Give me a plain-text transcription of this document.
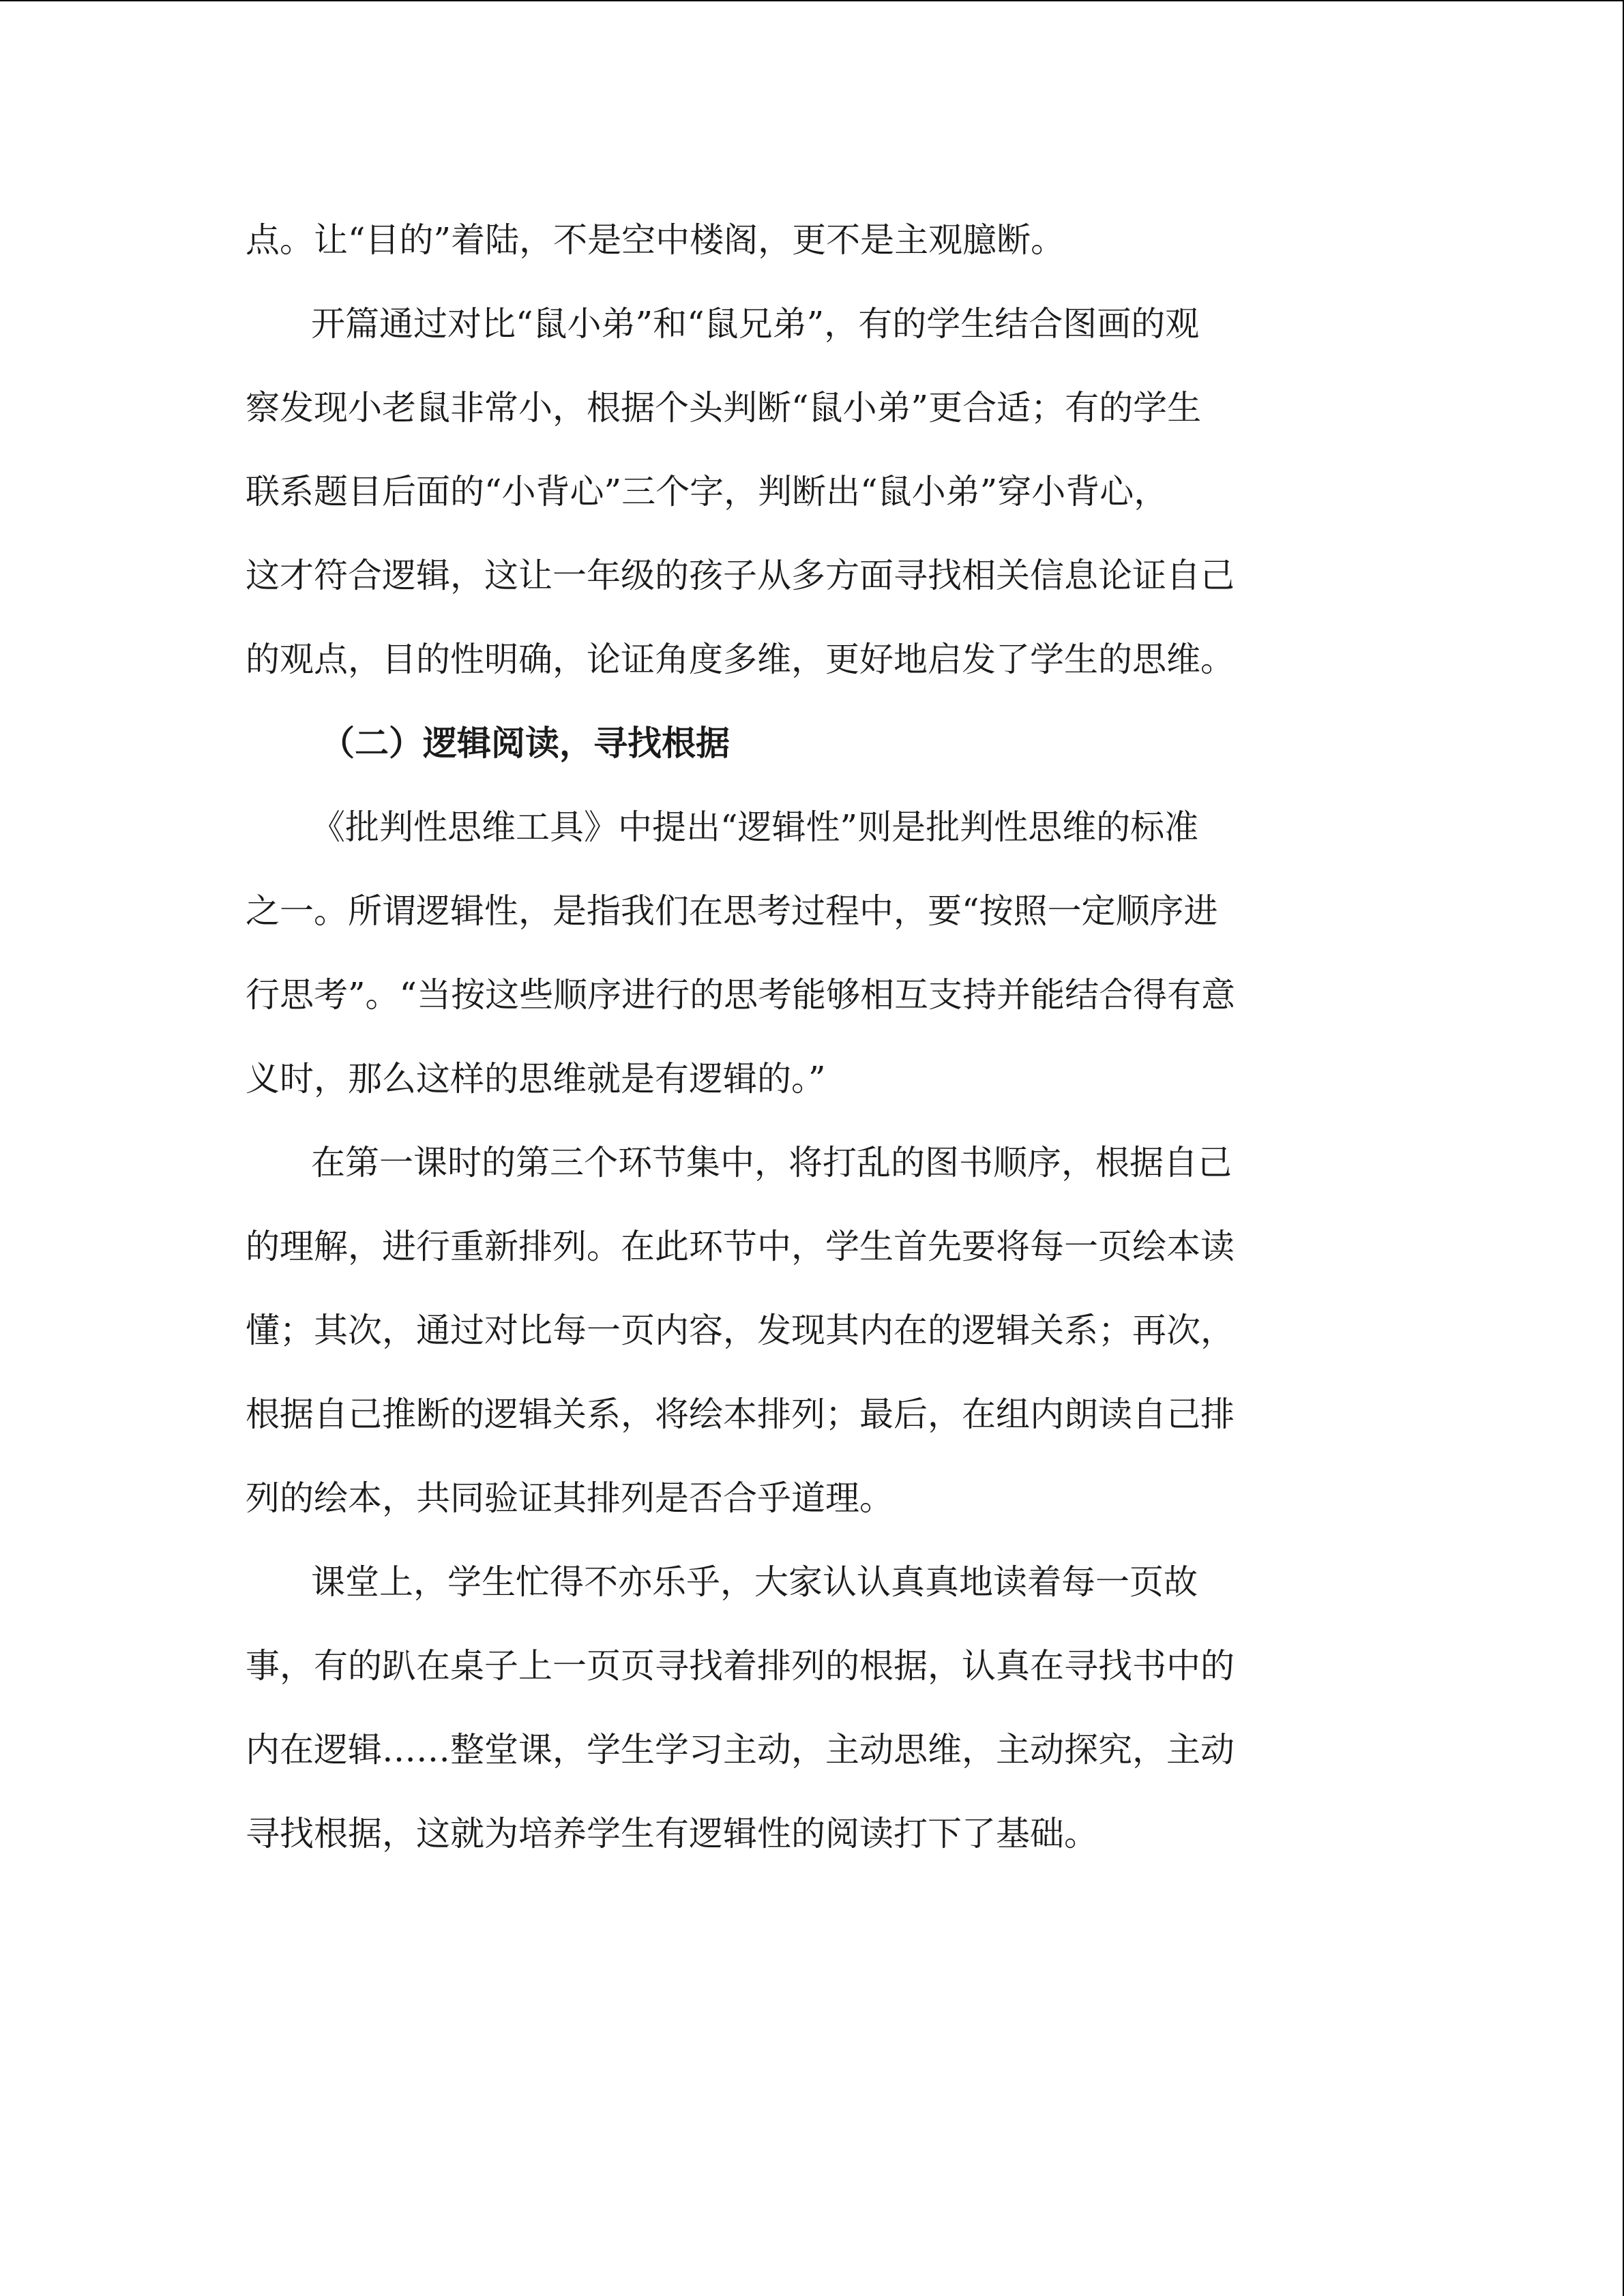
点。让“目的”着陆，不是空中楼阁，更不是主观臆断。
开篇通过对比“鼠小弟”和“鼠兄弟”，有的学生结合图画的观
察发现小老鼠非常小，根据个头判断“鼠小弟”更合适；有的学生
联系题目后面的“小背心”三个字，判断出“鼠小弟”穿小背心，
这才符合逻辑，这让一年级的孩子从多方面寻找相关信息论证自己
的观点，目的性明确，论证角度多维，更好地启发了学生的思维。
（二）逻辑阅读，寻找根据
《批判性思维工具》中提出“逻辑性”则是批判性思维的标准
之一。所谓逻辑性，是指我们在思考过程中，要“按照一定顺序进
行思考”。“当按这些顺序进行的思考能够相互支持并能结合得有意
义时，那么这样的思维就是有逻辑的。”
在第一课时的第三个环节集中，将打乱的图书顺序，根据自己
的理解，进行重新排列。在此环节中，学生首先要将每一页绘本读
懂；其次，通过对比每一页内容，发现其内在的逻辑关系；再次，
根据自己推断的逻辑关系，将绘本排列；最后，在组内朗读自己排
列的绘本，共同验证其排列是否合乎道理。
课堂上，学生忙得不亦乐乎，大家认认真真地读着每一页故
事，有的趴在桌子上一页页寻找着排列的根据，认真在寻找书中的
内在逻辑……整堂课，学生学习主动，主动思维，主动探究，主动
寻找根据，这就为培养学生有逻辑性的阅读打下了基础。
